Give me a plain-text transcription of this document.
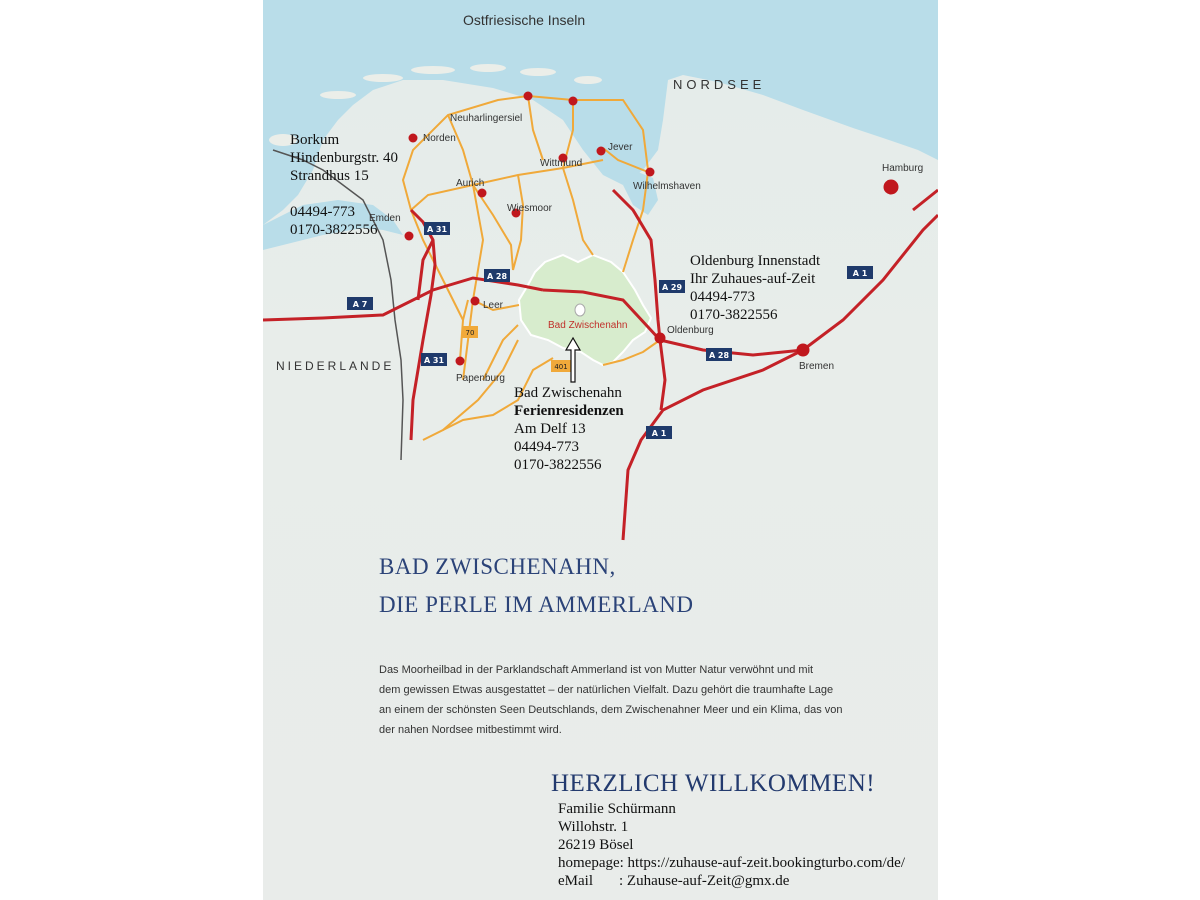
A 31
A 28
A 7
A 31
A 29
A 28
A 1
A 1
70
401
Ostfriesische Inseln
NORDSEE
NIEDERLANDE
Neuharlingersiel
Norden
Jever
Wittmund
Aurich	Wilhelmshaven
Wiesmoor
Emden
Leer
Papenburg
Oldenburg
Bremen
Hamburg
Bad Zwischenahn
Borkum
Hindenburgstr. 40
Strandhus 15
04494-773
0170-3822556
Oldenburg Innenstadt
Ihr Zuhaues-auf-Zeit
04494-773
0170-3822556
Bad Zwischenahn
Ferienresidenzen
Am Delf 13
04494-773
0170-3822556
BAD ZWISCHENAHN,
DIE PERLE IM AMMERLAND
Das Moorheilbad in der Parklandschaft Ammerland ist von Mutter Natur verwöhnt und mit
dem gewissen Etwas ausgestattet – der natürlichen Vielfalt. Dazu gehört die traumhafte Lage
an einem der schönsten Seen Deutschlands, dem Zwischenahner Meer und ein Klima, das von
der nahen Nordsee mitbestimmt wird.
HERZLICH WILLKOMMEN!
Familie Schürmann
Willohstr. 1
26219 Bösel
homepage: https://zuhause-auf-zeit.bookingturbo.com/de/
eMail : Zuhause-auf-Zeit@gmx.de
